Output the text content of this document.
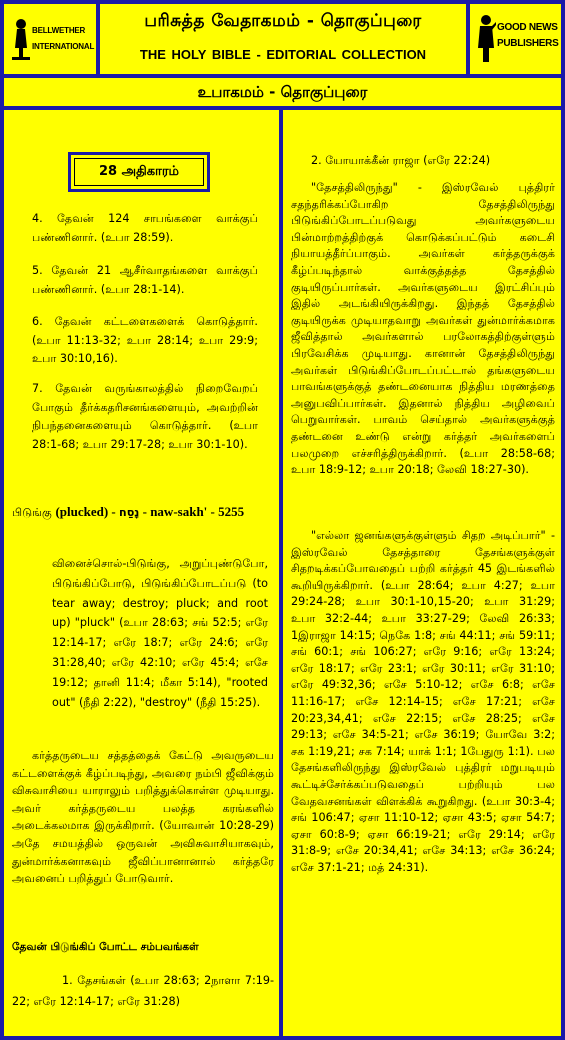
BELLWETHER
INTERNATIONAL
பரிசுத்த வேதாகமம் - தொகுப்புரை
THE HOLY BIBLE - EDITORIAL COLLECTION
GOOD NEWS
PUBLISHERS
உபாகமம் - தொகுப்புரை
28 அதிகாரம்
4. தேவன் 124 சாபங்களை வாக்குப் பண்ணினார். (உபா 28:59).
5. தேவன் 21 ஆசீர்வாதங்களை வாக்குப் பண்ணினார். (உபா 28:1-14).
6. தேவன் கட்டளைகளைக் கொடுத்தார். (உபா 11:13-32; உபா 28:14; உபா 29:9; உபா 30:10,16).
7. தேவன் வருங்காலத்தில் நிறைவேறப் போகும் தீர்க்கதரிசனங்களையும், அவற்றின் நிபந்தனைகளையும் கொடுத்தார். (உபா 28:1-68; உபா 29:17-28; உபா 30:1-10).
பிடுங்கு (plucked) - נָסַח - naw-sakh' - 5255
வினைச்சொல்-பிடுங்கு, அறுப்புண்டுபோ, பிடுங்கிப்போடு, பிடுங்கிப்போடப்படு (to tear away; destroy; pluck; and root up) "pluck" (உபா 28:63; சங் 52:5; எரே 12:14-17; எரே 18:7; எரே 24:6; எரே 31:28,40; எரே 42:10; எரே 45:4; எசே 19:12; தானி 11:4; மீகா 5:14), "rooted out" (நீதி 2:22), "destroy" (நீதி 15:25).
கர்த்தருடைய சத்தத்தைக் கேட்டு அவருடைய கட்டளைக்குக் கீழ்ப்படிந்து, அவரை நம்பி ஜீவிக்கும் விசுவாசியை யாராலும் பறித்துக்கொள்ள முடியாது. அவர் கர்த்தருடைய பலத்த கரங்களில் அடைக்கலமாக இருக்கிறார். (யோவான் 10:28-29) அதே சமயத்தில் ஒருவன் அவிசுவாசியாகவும், துன்மார்க்கனாகவும் ஜீவிப்பானானால் கர்த்தரே அவனைப் பறித்துப் போடுவார்.
தேவன் பிடுங்கிப் போட்ட சம்பவங்கள்
1. தேசங்கள் (உபா 28:63; 2நாளா 7:19-22; எரே 12:14-17; எரே 31:28)
2. யோயாக்கீன் ராஜா (எரே 22:24)
"தேசத்திலிருந்து" - இஸ்ரவேல் புத்திரர் சதந்தரிக்கப்போகிற தேசத்திலிருந்து பிடுங்கிப்போடப்படுவது அவர்களுடைய பின்மாற்றத்திற்குக் கொடுக்கப்பட்டும் கடைசி நியாயத்தீர்ப்பாகும். அவர்கள் கர்த்தருக்குக் கீழ்ப்படிந்தால் வாக்குத்தத்த தேசத்தில் குடியிருப்பார்கள். அவர்களுடைய இரட்சிப்பும் இதில் அடங்கியிருக்கிறது. இந்தத் தேசத்தில் குடியிருக்க முடியாதவாறு அவர்கள் துன்மார்க்கமாக ஜீவித்தால் அவர்களால் பரலோகத்திற்குள்ளும் பிரவேசிக்க முடியாது. கானான் தேசத்திலிருந்து அவர்கள் பிடுங்கிப்போடப்பட்டால் தங்களுடைய பாவங்களுக்குத் தண்டனையாக நித்திய மரணத்தை அனுபவிப்பார்கள். இதனால் நித்திய அழிவைப் பெறுவார்கள். பாவம் செய்தால் அவர்களுக்குத் தண்டனை உண்டு என்று கர்த்தர் அவர்களைப் பலமுறை எச்சரித்திருக்கிறார். (உபா 28:58-68; உபா 18:9-12; உபா 20:18; லேவி 18:27-30).
"எல்லா ஜனங்களுக்குள்ளும் சிதற அடிப்பார்" - இஸ்ரவேல் தேசத்தாரை தேசங்களுக்குள் சிதறடிக்கப்போவதைப் பற்றி கர்த்தர் 45 இடங்களில் கூறியிருக்கிறார். (உபா 28:64; உபா 4:27; உபா 29:24-28; உபா 30:1-10,15-20; உபா 31:29; உபா 32:2-44; உபா 33:27-29; லேவி 26:33; 1இராஜா 14:15; நெகே 1:8; சங் 44:11; சங் 59:11; சங் 60:1; சங் 106:27; எரே 9:16; எரே 13:24; எரே 18:17; எரே 23:1; எரே 30:11; எரே 31:10; எரே 49:32,36; எசே 5:10-12; எசே 6:8; எசே 11:16-17; எசே 12:14-15; எசே 17:21; எசே 20:23,34,41; எசே 22:15; எசே 28:25; எசே 29:13; எசே 34:5-21; எசே 36:19; யோவே 3:2; சக 1:19,21; சக 7:14; யாக் 1:1; 1பேதுரு 1:1). பல தேசங்களிலிருந்து இஸ்ரவேல் புத்திரர் மறுபடியும் கூட்டிச்சேர்க்கப்படுவதைப் பற்றியும் பல வேதவசனங்கள் விளக்கிக் கூறுகிறது. (உபா 30:3-4; சங் 106:47; ஏசா 11:10-12; ஏசா 43:5; ஏசா 54:7; ஏசா 60:8-9; ஏசா 66:19-21; எரே 29:14; எரே 31:8-9; எசே 20:34,41; எசே 34:13; எசே 36:24; எசே 37:1-21; மத் 24:31).
